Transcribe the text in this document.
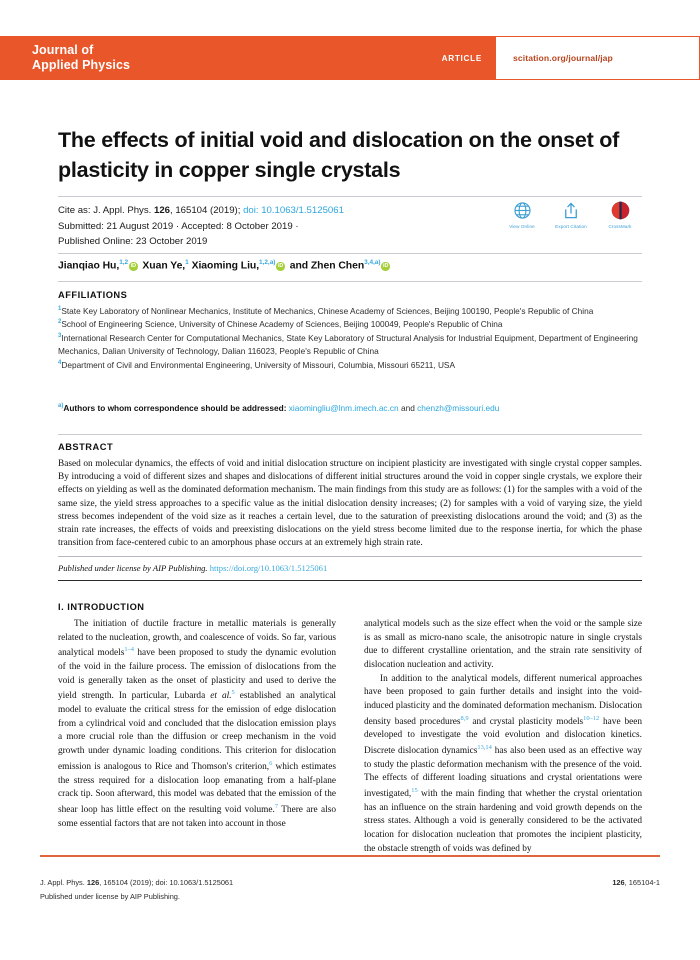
Journal of
Applied Physics	ARTICLE	scitation.org/journal/jap
The effects of initial void and dislocation on the onset of plasticity in copper single crystals
Cite as: J. Appl. Phys. 126, 165104 (2019); doi: 10.1063/1.5125061
Submitted: 21 August 2019 · Accepted: 8 October 2019 ·
Published Online: 23 October 2019
View Online	Export Citation	CrossMark
Jianqiao Hu,$^{1,2}$iD Xuan Ye,$^1$ Xiaoming Liu,$^{1,2,a)}$iD and Zhen Chen$^{3,4,a)}$iD
AFFILIATIONS
$^1$State Key Laboratory of Nonlinear Mechanics, Institute of Mechanics, Chinese Academy of Sciences, Beijing 100190, People's Republic of China
$^2$School of Engineering Science, University of Chinese Academy of Sciences, Beijing 100049, People's Republic of China
$^3$International Research Center for Computational Mechanics, State Key Laboratory of Structural Analysis for Industrial Equipment, Department of Engineering Mechanics, Dalian University of Technology, Dalian 116023, People's Republic of China
$^4$Department of Civil and Environmental Engineering, University of Missouri, Columbia, Missouri 65211, USA
$^{a)}$Authors to whom correspondence should be addressed: xiaomingliu@lnm.imech.ac.cn and chenzh@missouri.edu
ABSTRACT
Based on molecular dynamics, the effects of void and initial dislocation structure on incipient plasticity are investigated with single crystal copper samples. By introducing a void of different sizes and shapes and dislocations of different initial structures around the void in copper single crystals, we explore their effects on yielding as well as the dominated deformation mechanism. The main findings from this study are as follows: (1) for the samples with a void of the same size, the yield stress approaches to a specific value as the initial dislocation density increases; (2) for samples with a void of varying size, the yield stress becomes independent of the void size as it reaches a certain level, due to the saturation of preexisting dislocations around the void; and (3) as the strain rate increases, the effects of voids and preexisting dislocations on the yield stress become limited due to the response inertia, for which the phase transition from face-centered cubic to an amorphous phase occurs at an extremely high strain rate.
Published under license by AIP Publishing. https://doi.org/10.1063/1.5125061
I. INTRODUCTION

The initiation of ductile fracture in metallic materials is generally related to the nucleation, growth, and coalescence of voids. So far, various analytical models$^{1-4}$ have been proposed to study the dynamic evolution of the void in the failure process. The emission of dislocations from the void is generally taken as the onset of plasticity and used to derive the yield strength. In particular, Lubarda et al.$^5$ established an analytical model to evaluate the critical stress for the emission of edge dislocation from a cylindrical void and concluded that the dislocation emission plays a more crucial role than the diffusion or creep mechanism in the void growth under dynamic loading conditions. This criterion for dislocation emission is analogous to Rice and Thomson's criterion,$^6$ which estimates the stress required for a dislocation loop emanating from a half-plane crack tip. Soon afterward, this model was debated that the emission of the shear loop has little effect on the resulting void volume.$^7$ There are also some essential factors that are not taken into account in those

analytical models such as the size effect when the void or the sample size is as small as micro-nano scale, the anisotropic nature in single crystals due to different crystalline orientation, and the strain rate sensitivity of dislocation nucleation and activity.

In addition to the analytical models, different numerical approaches have been proposed to gain further details and insight into the void-induced plasticity and the dominated deformation mechanism. Dislocation density based procedures$^{8,9}$ and crystal plasticity models$^{10-12}$ have been developed to investigate the void evolution and dislocation kinetics. Discrete dislocation dynamics$^{13,14}$ has also been used as an effective way to study the plastic deformation mechanism with the presence of the void. The effects of different loading situations and crystal orientations were investigated,$^{15}$ with the main finding that whether the crystal orientation has an influence on the strain hardening and void growth depends on the stress states. Although a void is generally considered to be the activated location for dislocation nucleation that promotes the incipient plasticity, the obstacle strength of voids was defined by

J. Appl. Phys. 126, 165104 (2019); doi: 10.1063/1.5125061
Published under license by AIP Publishing.
126, 165104-1
